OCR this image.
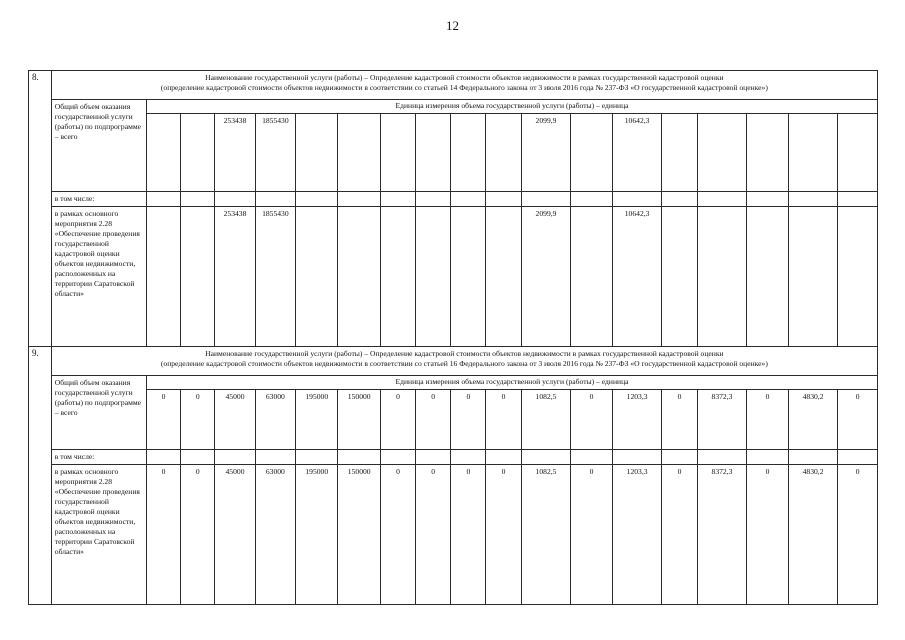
12
8.	Наименование государственной услуги (работы) – Определение кадастровой стоимости объектов недвижимости в рамках государственной кадастровой оценки
(определение кадастровой стоимости объектов недвижимости в соответствии со статьей 14 Федерального закона от 3 июля 2016 года № 237-ФЗ «О государственной кадастровой оценке»)																		

	Общий объем оказания государственной услуги (работы) по подпрограмме – всего	Единица измерения объема государственной услуги (работы) – единица																	
				253438	1855430							2099,9		10642,3					
	в том числе:																		
	в рамках основного мероприятия 2.28 «Обеспечение проведения государственной кадастровой оценки объектов недвижимости, расположенных на территории Саратовской области»			253438	1855430							2099,9		10642,3					
9.	Наименование государственной услуги (работы) – Определение кадастровой стоимости объектов недвижимости в рамках государственной кадастровой оценки
(определение кадастровой стоимости объектов недвижимости в соответствии со статьей 16 Федерального закона от 3 июля 2016 года № 237-ФЗ «О государственной кадастровой оценке»)																		

	Общий объем оказания государственной услуги (работы) по подпрограмме – всего	Единица измерения объема государственной услуги (работы) – единица																	
		0	0	45000	63000	195000	150000	0	0	0	0	1082,5	0	1203,3	0	8372,3	0	4830,2	0
	в том числе:																		
	в рамках основного мероприятия 2.28 «Обеспечение проведения государственной кадастровой оценки объектов недвижимости, расположенных на территории Саратовской области»	0	0	45000	63000	195000	150000	0	0	0	0	1082,5	0	1203,3	0	8372,3	0	4830,2	0
